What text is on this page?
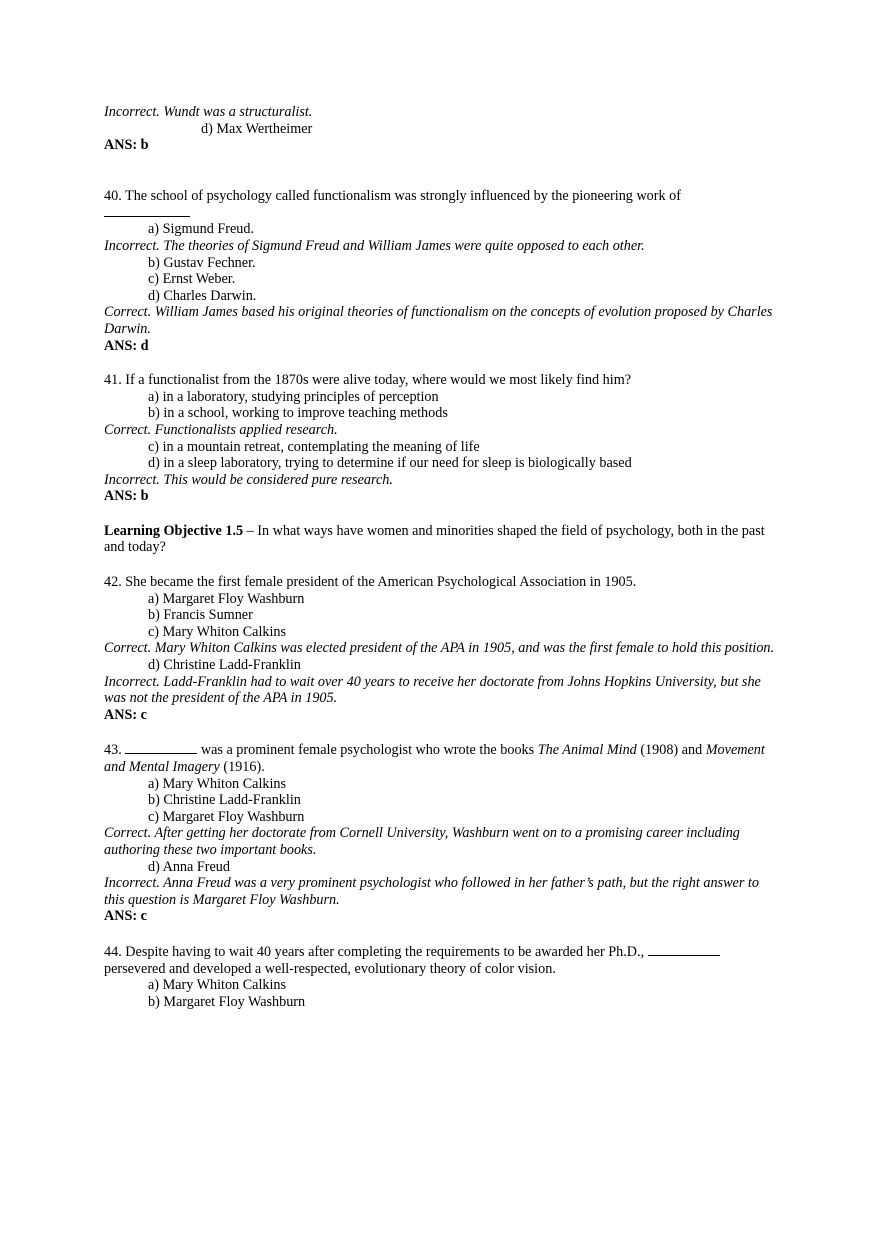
Incorrect. Wundt was a structuralist.
d) Max Wertheimer
ANS: b
40. The school of psychology called functionalism was strongly influenced by the pioneering work of
a) Sigmund Freud.
Incorrect. The theories of Sigmund Freud and William James were quite opposed to each other.
b) Gustav Fechner.
c) Ernst Weber.
d) Charles Darwin.
Correct. William James based his original theories of functionalism on the concepts of evolution proposed by Charles Darwin.
ANS: d
41. If a functionalist from the 1870s were alive today, where would we most likely find him?
a) in a laboratory, studying principles of perception
b) in a school, working to improve teaching methods
Correct. Functionalists applied research.
c) in a mountain retreat, contemplating the meaning of life
d) in a sleep laboratory, trying to determine if our need for sleep is biologically based
Incorrect. This would be considered pure research.
ANS: b
Learning Objective 1.5 – In what ways have women and minorities shaped the field of psychology, both in the past and today?
42. She became the first female president of the American Psychological Association in 1905.
a) Margaret Floy Washburn
b) Francis Sumner
c) Mary Whiton Calkins
Correct. Mary Whiton Calkins was elected president of the APA in 1905, and was the first female to hold this position.
d) Christine Ladd-Franklin
Incorrect. Ladd-Franklin had to wait over 40 years to receive her doctorate from Johns Hopkins University, but she was not the president of the APA in 1905.
ANS: c
43.	was a prominent female psychologist who wrote the books The Animal Mind (1908) and Movement and Mental Imagery (1916).
a) Mary Whiton Calkins
b) Christine Ladd-Franklin
c) Margaret Floy Washburn
Correct. After getting her doctorate from Cornell University, Washburn went on to a promising career including authoring these two important books.
d) Anna Freud
Incorrect. Anna Freud was a very prominent psychologist who followed in her father’s path, but the right answer to this question is Margaret Floy Washburn.
ANS: c
44. Despite having to wait 40 years after completing the requirements to be awarded her Ph.D.,  persevered and developed a well-respected, evolutionary theory of color vision.
a) Mary Whiton Calkins
b) Margaret Floy Washburn
